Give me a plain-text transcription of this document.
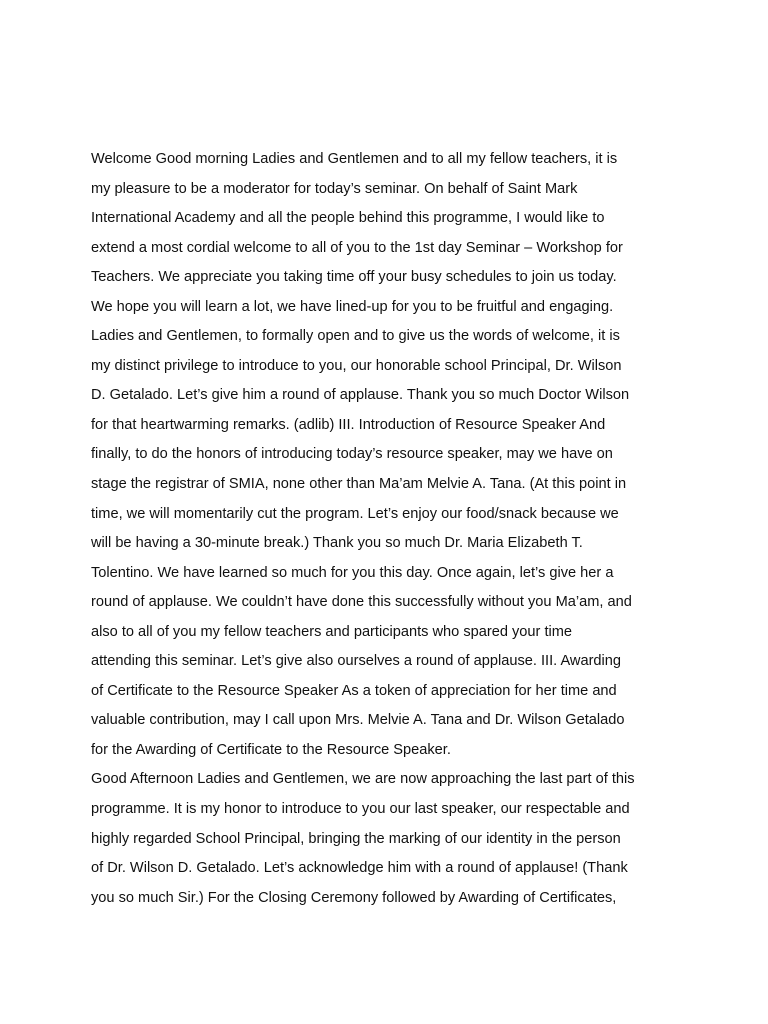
Welcome Good morning Ladies and Gentlemen and to all my fellow teachers, it is
my pleasure to be a moderator for today’s seminar. On behalf of Saint Mark
International Academy and all the people behind this programme, I would like to
extend a most cordial welcome to all of you to the 1st day Seminar – Workshop for
Teachers. We appreciate you taking time off your busy schedules to join us today.
We hope you will learn a lot, we have lined-up for you to be fruitful and engaging.
Ladies and Gentlemen, to formally open and to give us the words of welcome, it is
my distinct privilege to introduce to you, our honorable school Principal, Dr. Wilson
D. Getalado. Let’s give him a round of applause. Thank you so much Doctor Wilson
for that heartwarming remarks. (adlib) III. Introduction of Resource Speaker And
finally, to do the honors of introducing today’s resource speaker, may we have on
stage the registrar of SMIA, none other than Ma’am Melvie A. Tana. (At this point in
time, we will momentarily cut the program. Let’s enjoy our food/snack because we
will be having a 30-minute break.) Thank you so much Dr. Maria Elizabeth T.
Tolentino. We have learned so much for you this day. Once again, let’s give her a
round of applause. We couldn’t have done this successfully without you Ma’am, and
also to all of you my fellow teachers and participants who spared your time
attending this seminar. Let’s give also ourselves a round of applause. III. Awarding
of Certificate to the Resource Speaker As a token of appreciation for her time and
valuable contribution, may I call upon Mrs. Melvie A. Tana and Dr. Wilson Getalado
for the Awarding of Certificate to the Resource Speaker.
Good Afternoon Ladies and Gentlemen, we are now approaching the last part of this
programme. It is my honor to introduce to you our last speaker, our respectable and
highly regarded School Principal, bringing the marking of our identity in the person
of Dr. Wilson D. Getalado. Let’s acknowledge him with a round of applause! (Thank
you so much Sir.) For the Closing Ceremony followed by Awarding of Certificates,
